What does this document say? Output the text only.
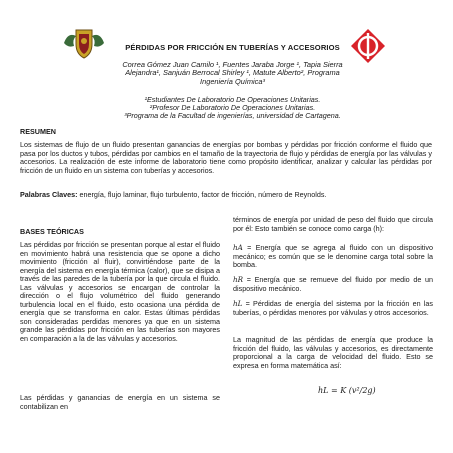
PÉRDIDAS POR FRICCIÓN EN TUBERÍAS Y ACCESORIOS
Correa Gómez Juan Camilo ¹, Fuentes Jaraba Jorge ¹, Tapia Sierra Alejandra¹, Sanjuán Berrocal Shirley ¹, Matute Alberto², Programa Ingeniería Química³
¹Estudiantes De Laboratorio De Operaciones Unitarias.
²Profesor De Laboratorio De Operaciones Unitarias.
³Programa de la Facultad de ingenierías, universidad de Cartagena.
RESUMEN

Los sistemas de flujo de un fluido presentan ganancias de energías por bombas y pérdidas por fricción conforme el fluido que pasa por los ductos y tubos, pérdidas por cambios en el tamaño de la trayectoria de flujo y pérdidas de energía por las válvulas y accesorios. La realización de este informe de laboratorio tiene como propósito identificar, analizar y calcular las pérdidas por fricción de un fluido en un sistema con tuberías y accesorios.

Palabras Claves: energía, flujo laminar, flujo turbulento, factor de fricción, número de Reynolds.

BASES TEÓRICAS

Las pérdidas por fricción se presentan porque al estar el fluido en movimiento habrá una resistencia que se opone a dicho movimiento (fricción al fluir), convirtiéndose parte de la energía del sistema en energía térmica (calor), que se disipa a través de las paredes de la tubería por la que circula el fluido. Las válvulas y accesorios se encargan de controlar la dirección o el flujo volumétrico del fluido generando turbulencia local en el fluido, esto ocasiona una pérdida de energía que se transforma en calor. Estas últimas pérdidas son consideradas perdidas menores ya que en un sistema grande las pérdidas por fricción en las tuberías son mayores en comparación a la de las válvulas y accesorios.

Las pérdidas y ganancias de energía en un sistema se contabilizan en

términos de energía por unidad de peso del fluido que circula por él: Esto también se conoce como carga (h):

hA = Energía que se agrega al fluido con un dispositivo mecánico; es común que se le denomine carga total sobre la bomba.

hR = Energía que se remueve del fluido por medio de un dispositivo mecánico.

hL = Pérdidas de energía del sistema por la fricción en las tuberías, o pérdidas menores por válvulas y otros accesorios.

La magnitud de las pérdidas de energía que produce la fricción del fluido, las válvulas y accesorios, es directamente proporcional a la carga de velocidad del fluido. Esto se expresa en forma matemática así:

hL = K (v²/2g)
